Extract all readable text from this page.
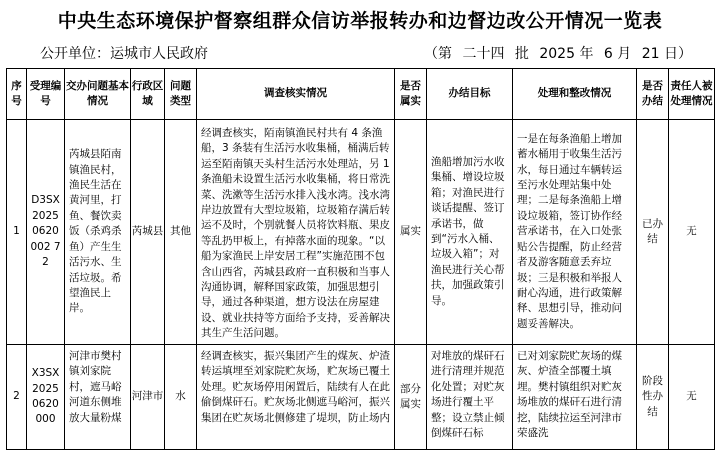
中央生态环境保护督察组群众信访举报转办和边督边改公开情况一览表
公开单位：运城市人民政府	（第 二十四 批 2025 年 6 月 21 日）
序号	受理编号	交办问题基本情况	行政区域	问题类型	调查核实情况	是否属实	办结目标	处理和整改情况	是否办结	责任人被处理情况
1	D3SX20250620002 72	芮城县陌南镇渔民村，渔民生活在黄河里，打鱼、餐饮卖饭（杀鸡杀鱼）产生生活污水、生活垃圾。希望渔民上岸。	芮城县	其他	经调查核实，陌南镇渔民村共有 4 条渔船，3 条装有生活污水收集桶，桶满后转运至陌南镇天头村生活污水处理站，另 1 条渔船未设置生活污水收集桶，将日常洗菜、洗漱等生活污水排入浅水湾。浅水湾岸边放置有大型垃圾箱，垃圾箱存满后转运不及时，个别就餐人员将饮料瓶、果皮等乱扔甲板上，有掉落水面的现象。“以船为家渔民上岸安居工程”实施范围不包含山西省，芮城县政府一直积极和当事人沟通协调，解释国家政策，加强思想引导，通过各种渠道，想方设法在房屋建设、就业扶持等方面给予支持，妥善解决其生产生活问题。	属实	渔船增加污水收集桶、增设垃圾箱；对渔民进行谈话提醒、签订承诺书，做到“污水入桶、垃圾入箱”；对渔民进行关心帮扶，加强政策引导。	一是在每条渔船上增加蓄水桶用于收集生活污水，每日通过车辆转运至污水处理站集中处理；二是每条渔船上增设垃圾箱，签订协作经营承诺书，在入口处张贴公告提醒，防止经营者及游客随意丢弃垃圾；三是积极和举报人耐心沟通，进行政策解释、思想引导，推动问题妥善解决。	已办结	无
2	X3SX20250620000	河津市樊村镇刘家院村，遮马峪河道东侧堆放大量粉煤	河津市	水	经调查核实，振兴集团产生的煤灰、炉渣转运填埋至刘家院贮灰场，贮灰场已覆土处理。贮灰场停用闲置后，陆续有人在此偷倒煤矸石。贮灰场北侧遮马峪河，振兴集团在贮灰场北侧修建了堤坝，防止场内	部分属实	对堆放的煤矸石进行清理并规范化处置；对贮灰场进行覆土平整；设立禁止倾倒煤矸石标	已对刘家院贮灰场的煤灰、炉渣全部覆土填埋。樊村镇组织对贮灰场堆放的煤矸石进行清挖，陆续拉运至河津市荣盛洗	阶段性办结	无
